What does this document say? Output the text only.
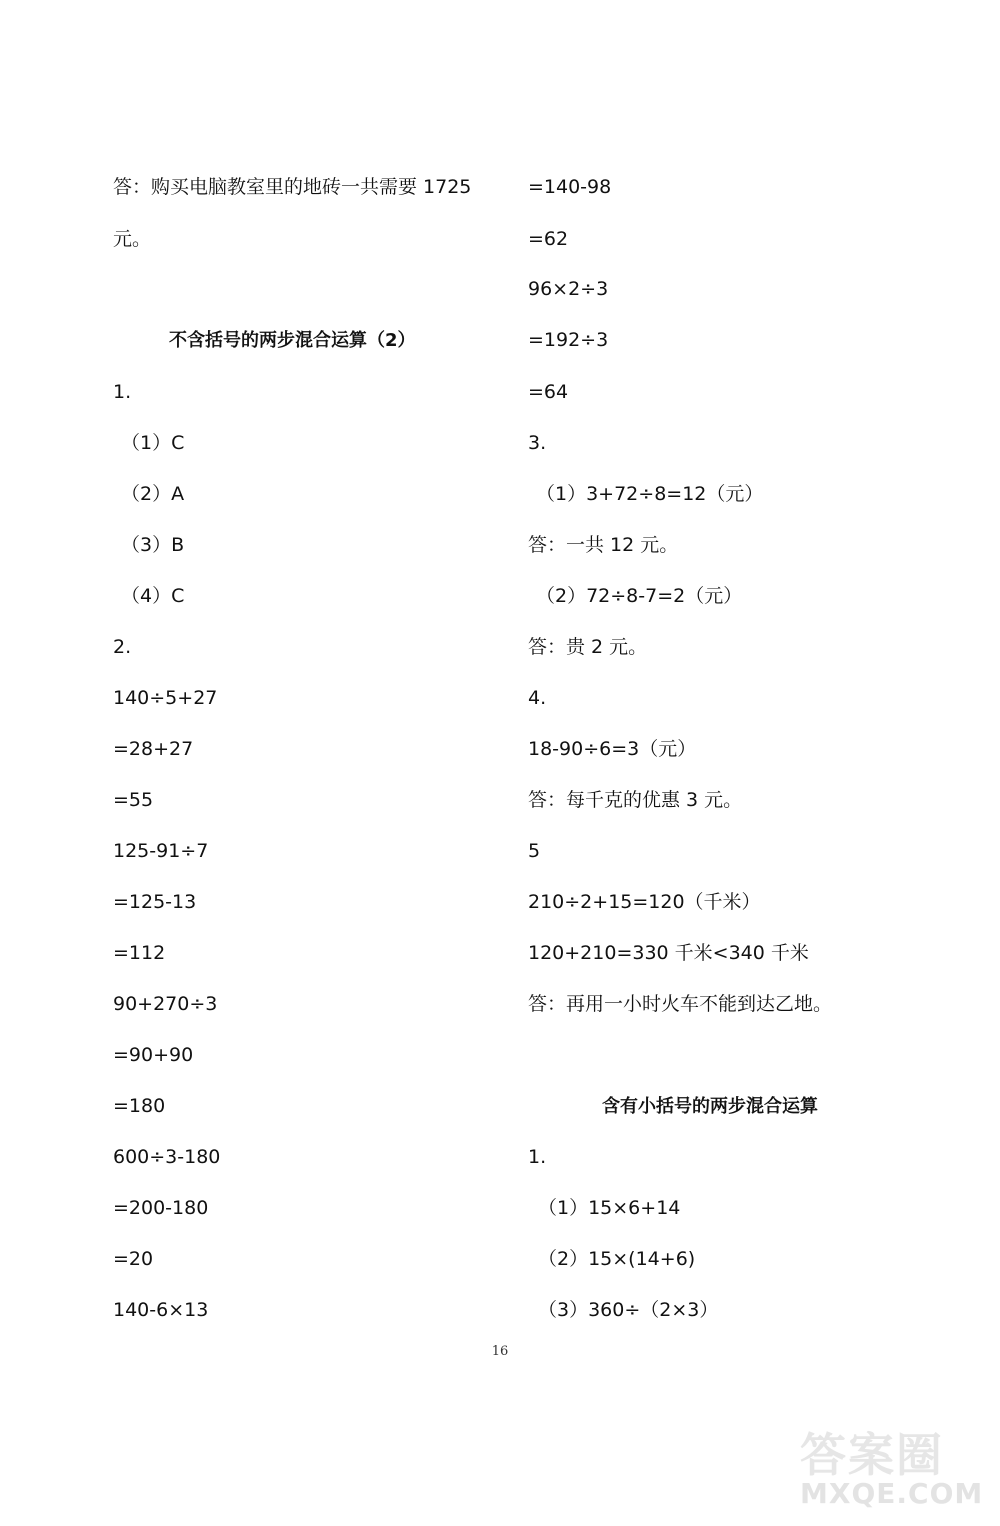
答：购买电脑教室里的地砖一共需要 1725
元。
不含括号的两步混合运算（2）
1.
（1）C
（2）A
（3）B
（4）C
2.
140÷5+27
=28+27
=55
125-91÷7
=125-13
=112
90+270÷3
=90+90
=180
600÷3-180
=200-180
=20
140-6×13
=140-98
=62
96×2÷3
=192÷3
=64
3.
（1）3+72÷8=12（元）
答：一共 12 元。
（2）72÷8-7=2（元）
答：贵 2 元。
4.
18-90÷6=3（元）
答：每千克的优惠 3 元。
5
210÷2+15=120（千米）
120+210=330 千米<340 千米
答：再用一小时火车不能到达乙地。
含有小括号的两步混合运算
1.
（1）15×6+14
（2）15×(14+6)
（3）360÷（2×3）
16
答案圈
MXQE.COM
